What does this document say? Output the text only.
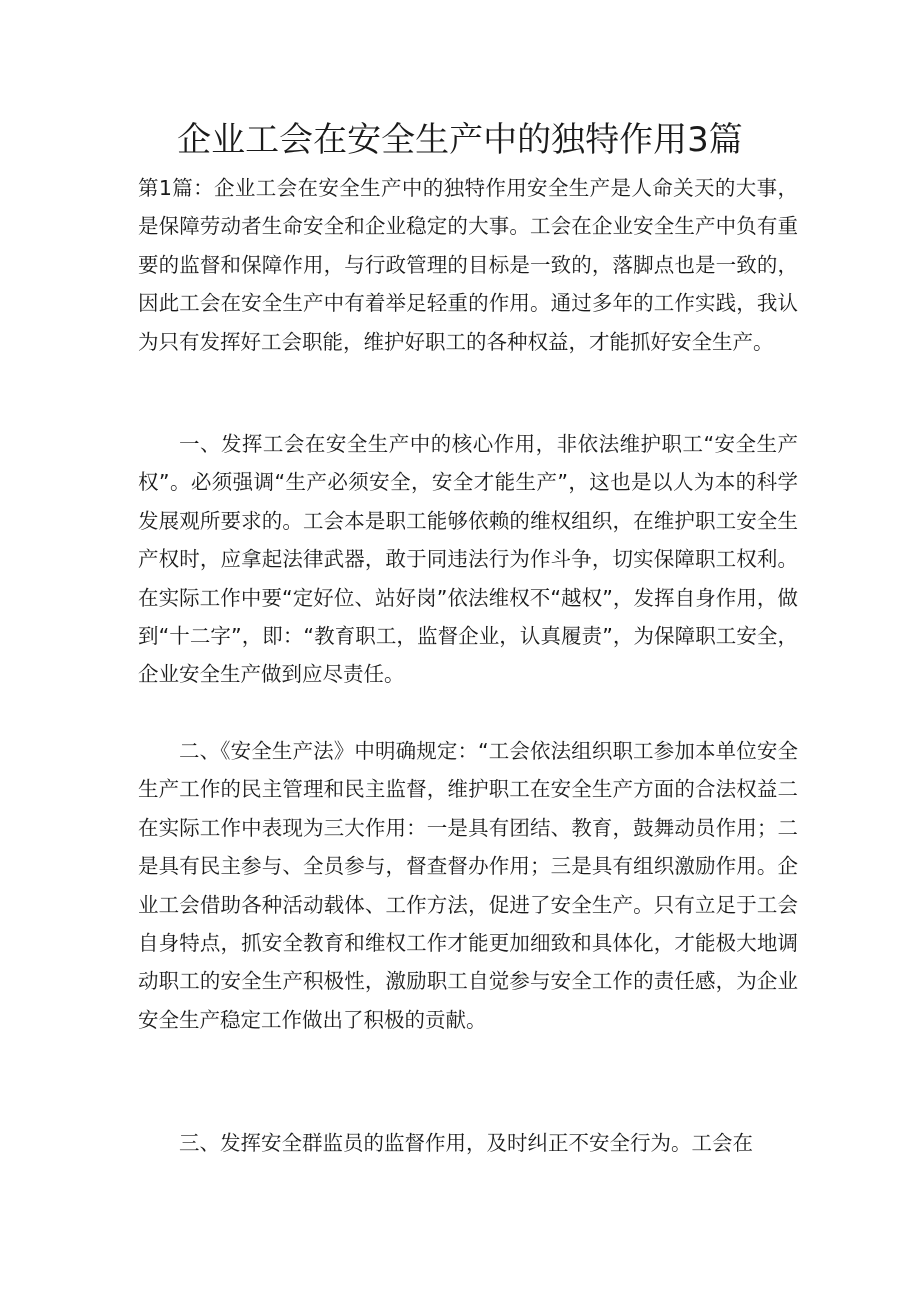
企业工会在安全生产中的独特作用3篇

第1篇：企业工会在安全生产中的独特作用安全生产是人命关天的大事，是保障劳动者生命安全和企业稳定的大事。工会在企业安全生产中负有重要的监督和保障作用，与行政管理的目标是一致的，落脚点也是一致的，因此工会在安全生产中有着举足轻重的作用。通过多年的工作实践，我认为只有发挥好工会职能，维护好职工的各种权益，才能抓好安全生产。

一、发挥工会在安全生产中的核心作用，非依法维护职工“安全生产权”。必须强调“生产必须安全，安全才能生产”，这也是以人为本的科学发展观所要求的。工会本是职工能够依赖的维权组织，在维护职工安全生产权时，应拿起法律武器，敢于同违法行为作斗争，切实保障职工权利。在实际工作中要“定好位、站好岗”依法维权不“越权”，发挥自身作用，做到“十二字”，即：“教育职工，监督企业，认真履责”，为保障职工安全，企业安全生产做到应尽责任。

二、《安全生产法》中明确规定：“工会依法组织职工参加本单位安全生产工作的民主管理和民主监督，维护职工在安全生产方面的合法权益二在实际工作中表现为三大作用：一是具有团结、教育，鼓舞动员作用；二是具有民主参与、全员参与，督查督办作用；三是具有组织激励作用。企业工会借助各种活动载体、工作方法，促进了安全生产。只有立足于工会自身特点，抓安全教育和维权工作才能更加细致和具体化，才能极大地调动职工的安全生产积极性，激励职工自觉参与安全工作的责任感，为企业安全生产稳定工作做出了积极的贡献。

三、发挥安全群监员的监督作用，及时纠正不安全行为。工会在
